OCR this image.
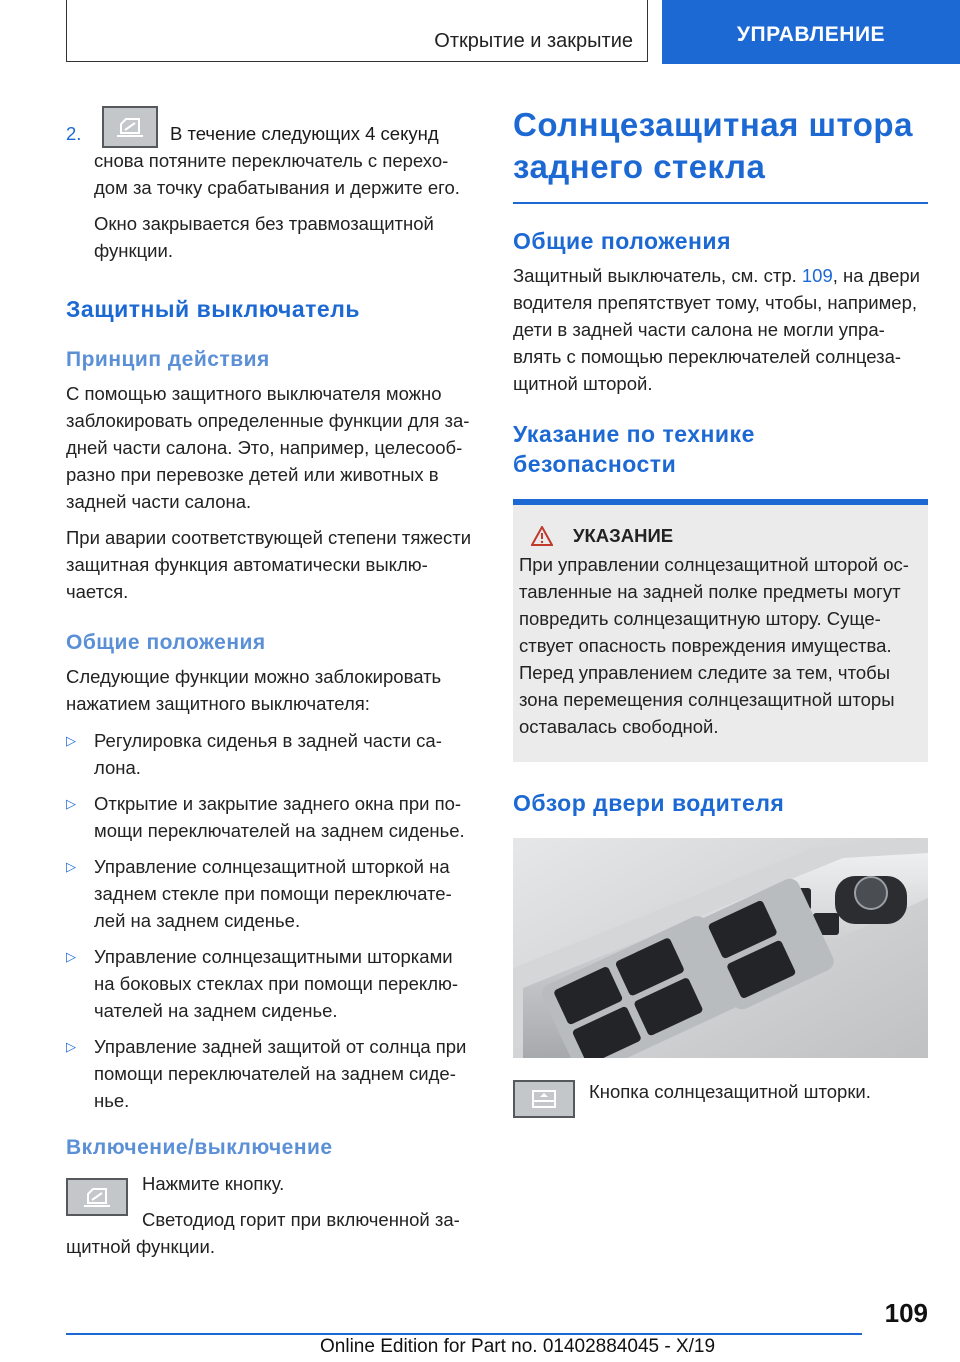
Открытие и закрытие	УПРАВЛЕНИЕ
2.	В течение следующих 4 секунд

снова потяните переключатель с перехо-

дом за точку срабатывания и держите его.

Окно закрывается без травмозащитной

функции.

Защитный выключатель
Принцип действия

С помощью защитного выключателя можно

заблокировать определенные функции для за-

дней части салона. Это, например, целесооб-

разно при перевозке детей или животных в

задней части салона.

При аварии соответствующей степени тяжести

защитная функция автоматически выклю-

чается.

Общие положения

Следующие функции можно заблокировать

нажатием защитного выключателя:

▷ Регулировка сиденья в задней части са-
лона.
▷ Открытие и закрытие заднего окна при по-
мощи переключателей на заднем сиденье.
▷ Управление солнцезащитной шторкой на
заднем стекле при помощи переключате-
лей на заднем сиденье.
▷ Управление солнцезащитными шторками
на боковых стеклах при помощи переклю-
чателей на заднем сиденье.
▷ Управление задней защитой от солнца при
помощи переключателей на заднем сиде-
нье.
Включение/выключение

Нажмите кнопку.

Светодиод горит при включенной за-

щитной функции.

Солнцезащитная штора
заднего стекла
Общие положения

Защитный выключатель, см. стр. 109, на двери

водителя препятствует тому, чтобы, например,

дети в задней части салона не могли упра-

влять с помощью переключателей солнцеза-

щитной шторой.

Указание по технике
безопасности
УКАЗАНИЕ

При управлении солнцезащитной шторой ос-

тавленные на задней полке предметы могут

повредить солнцезащитную штору. Суще-

ствует опасность повреждения имущества.

Перед управлением следите за тем, чтобы

зона перемещения солнцезащитной шторы

оставалась свободной.

Обзор двери водителя

Кнопка солнцезащитной шторки.

109
Online Edition for Part no. 01402884045 - X/19
